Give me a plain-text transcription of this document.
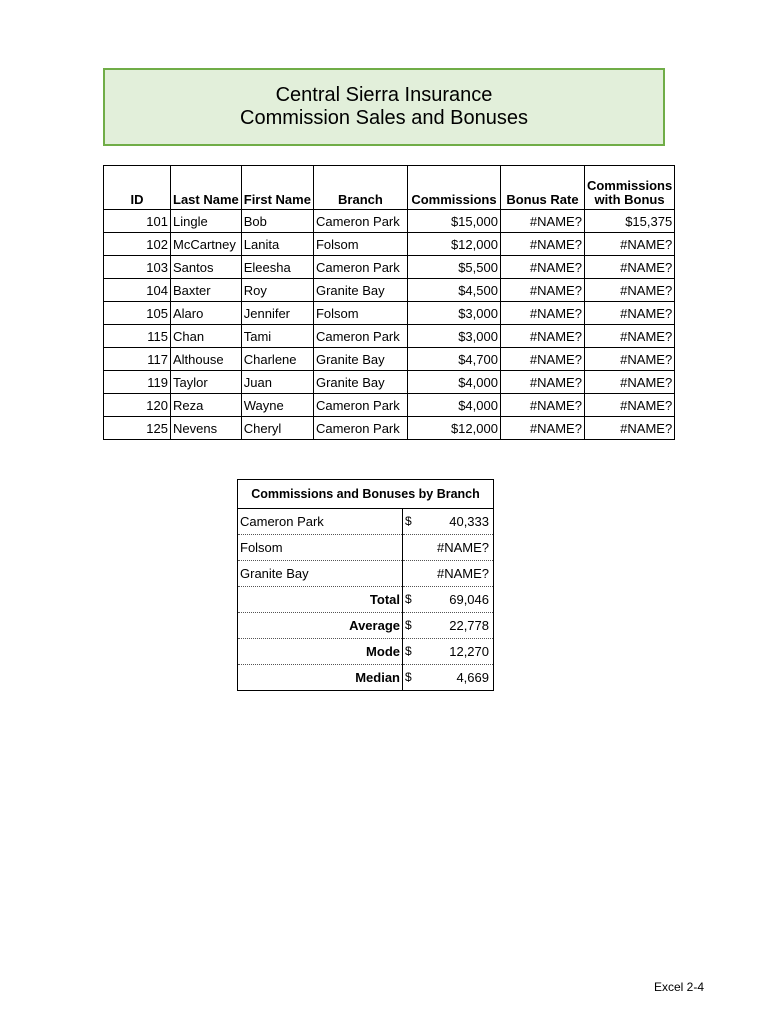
Central Sierra Insurance
Commission Sales and Bonuses
ID	Last Name	First Name	Branch	Commissions	Bonus Rate	Commissions
with Bonus
101	Lingle	Bob	Cameron Park	$15,000	#NAME?	$15,375
102	McCartney	Lanita	Folsom	$12,000	#NAME?	#NAME?
103	Santos	Eleesha	Cameron Park	$5,500	#NAME?	#NAME?
104	Baxter	Roy	Granite Bay	$4,500	#NAME?	#NAME?
105	Alaro	Jennifer	Folsom	$3,000	#NAME?	#NAME?
115	Chan	Tami	Cameron Park	$3,000	#NAME?	#NAME?
117	Althouse	Charlene	Granite Bay	$4,700	#NAME?	#NAME?
119	Taylor	Juan	Granite Bay	$4,000	#NAME?	#NAME?
120	Reza	Wayne	Cameron Park	$4,000	#NAME?	#NAME?
125	Nevens	Cheryl	Cameron Park	$12,000	#NAME?	#NAME?
Commissions and Bonuses by Branch	
Cameron Park	$ 40,333

Folsom	#NAME?

Granite Bay	#NAME?

Total	$ 69,046

Average	$ 22,778

Mode	$ 12,270

Median	$ 4,669
Excel 2-4
